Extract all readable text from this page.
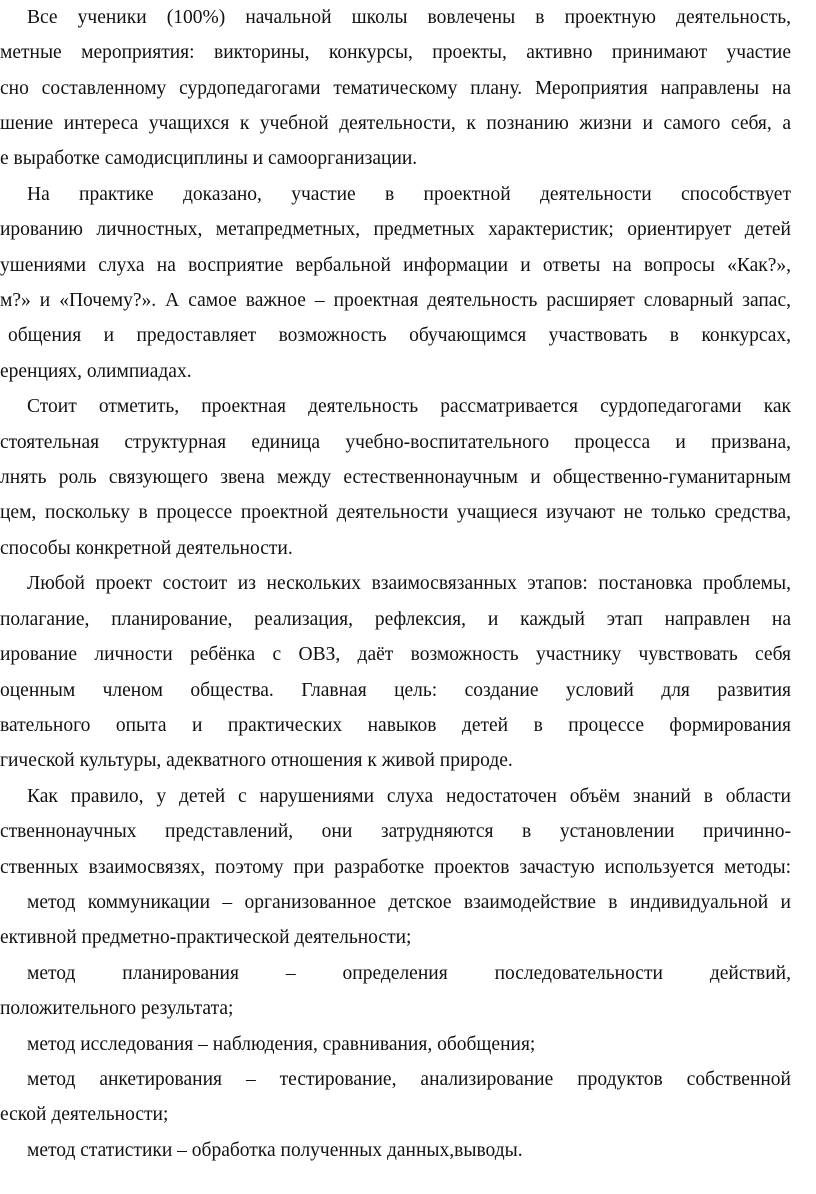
Все ученики (100%) начальной школы вовлечены в проектную деятельность,
метные мероприятия: викторины, конкурсы, проекты, активно принимают участие
сно составленному сурдопедагогами тематическому плану. Мероприятия направлены на
шение интереса учащихся к учебной деятельности, к познанию жизни и самого себя, а
е выработке самодисциплины и самоорганизации.
На практике доказано, участие в проектной деятельности способствует
ированию личностных, метапредметных, предметных характеристик; ориентирует детей
ушениями слуха на восприятие вербальной информации и ответы на вопросы «Как?»,
м?» и «Почему?». А самое важное – проектная деятельность расширяет словарный запас,
общения и предоставляет возможность обучающимся участвовать в конкурсах,
еренциях, олимпиадах.
Стоит отметить, проектная деятельность рассматривается сурдопедагогами как
стоятельная структурная единица учебно-воспитательного процесса и призвана,
лнять роль связующего звена между естественнонаучным и общественно-гуманитарным
цем, поскольку в процессе проектной деятельности учащиеся изучают не только средства,
способы конкретной деятельности.
Любой проект состоит из нескольких взаимосвязанных этапов: постановка проблемы,
полагание, планирование, реализация, рефлексия, и каждый этап направлен на
ирование личности ребёнка с ОВЗ, даёт возможность участнику чувствовать себя
оценным членом общества. Главная цель: создание условий для развития
вательного опыта и практических навыков детей в процессе формирования
гической культуры, адекватного отношения к живой природе.
Как правило, у детей с нарушениями слуха недостаточен объём знаний в области
ственнонаучных представлений, они затрудняются в установлении причинно-
ственных взаимосвязях, поэтому при разработке проектов зачастую используется методы:
метод коммуникации – организованное детское взаимодействие в индивидуальной и
ективной предметно-практической деятельности;
метод планирования – определения последовательности действий,
положительного результата;
метод исследования – наблюдения, сравнивания, обобщения;
метод анкетирования – тестирование, анализирование продуктов собственной
еской деятельности;
метод статистики – обработка полученных данных,выводы.
